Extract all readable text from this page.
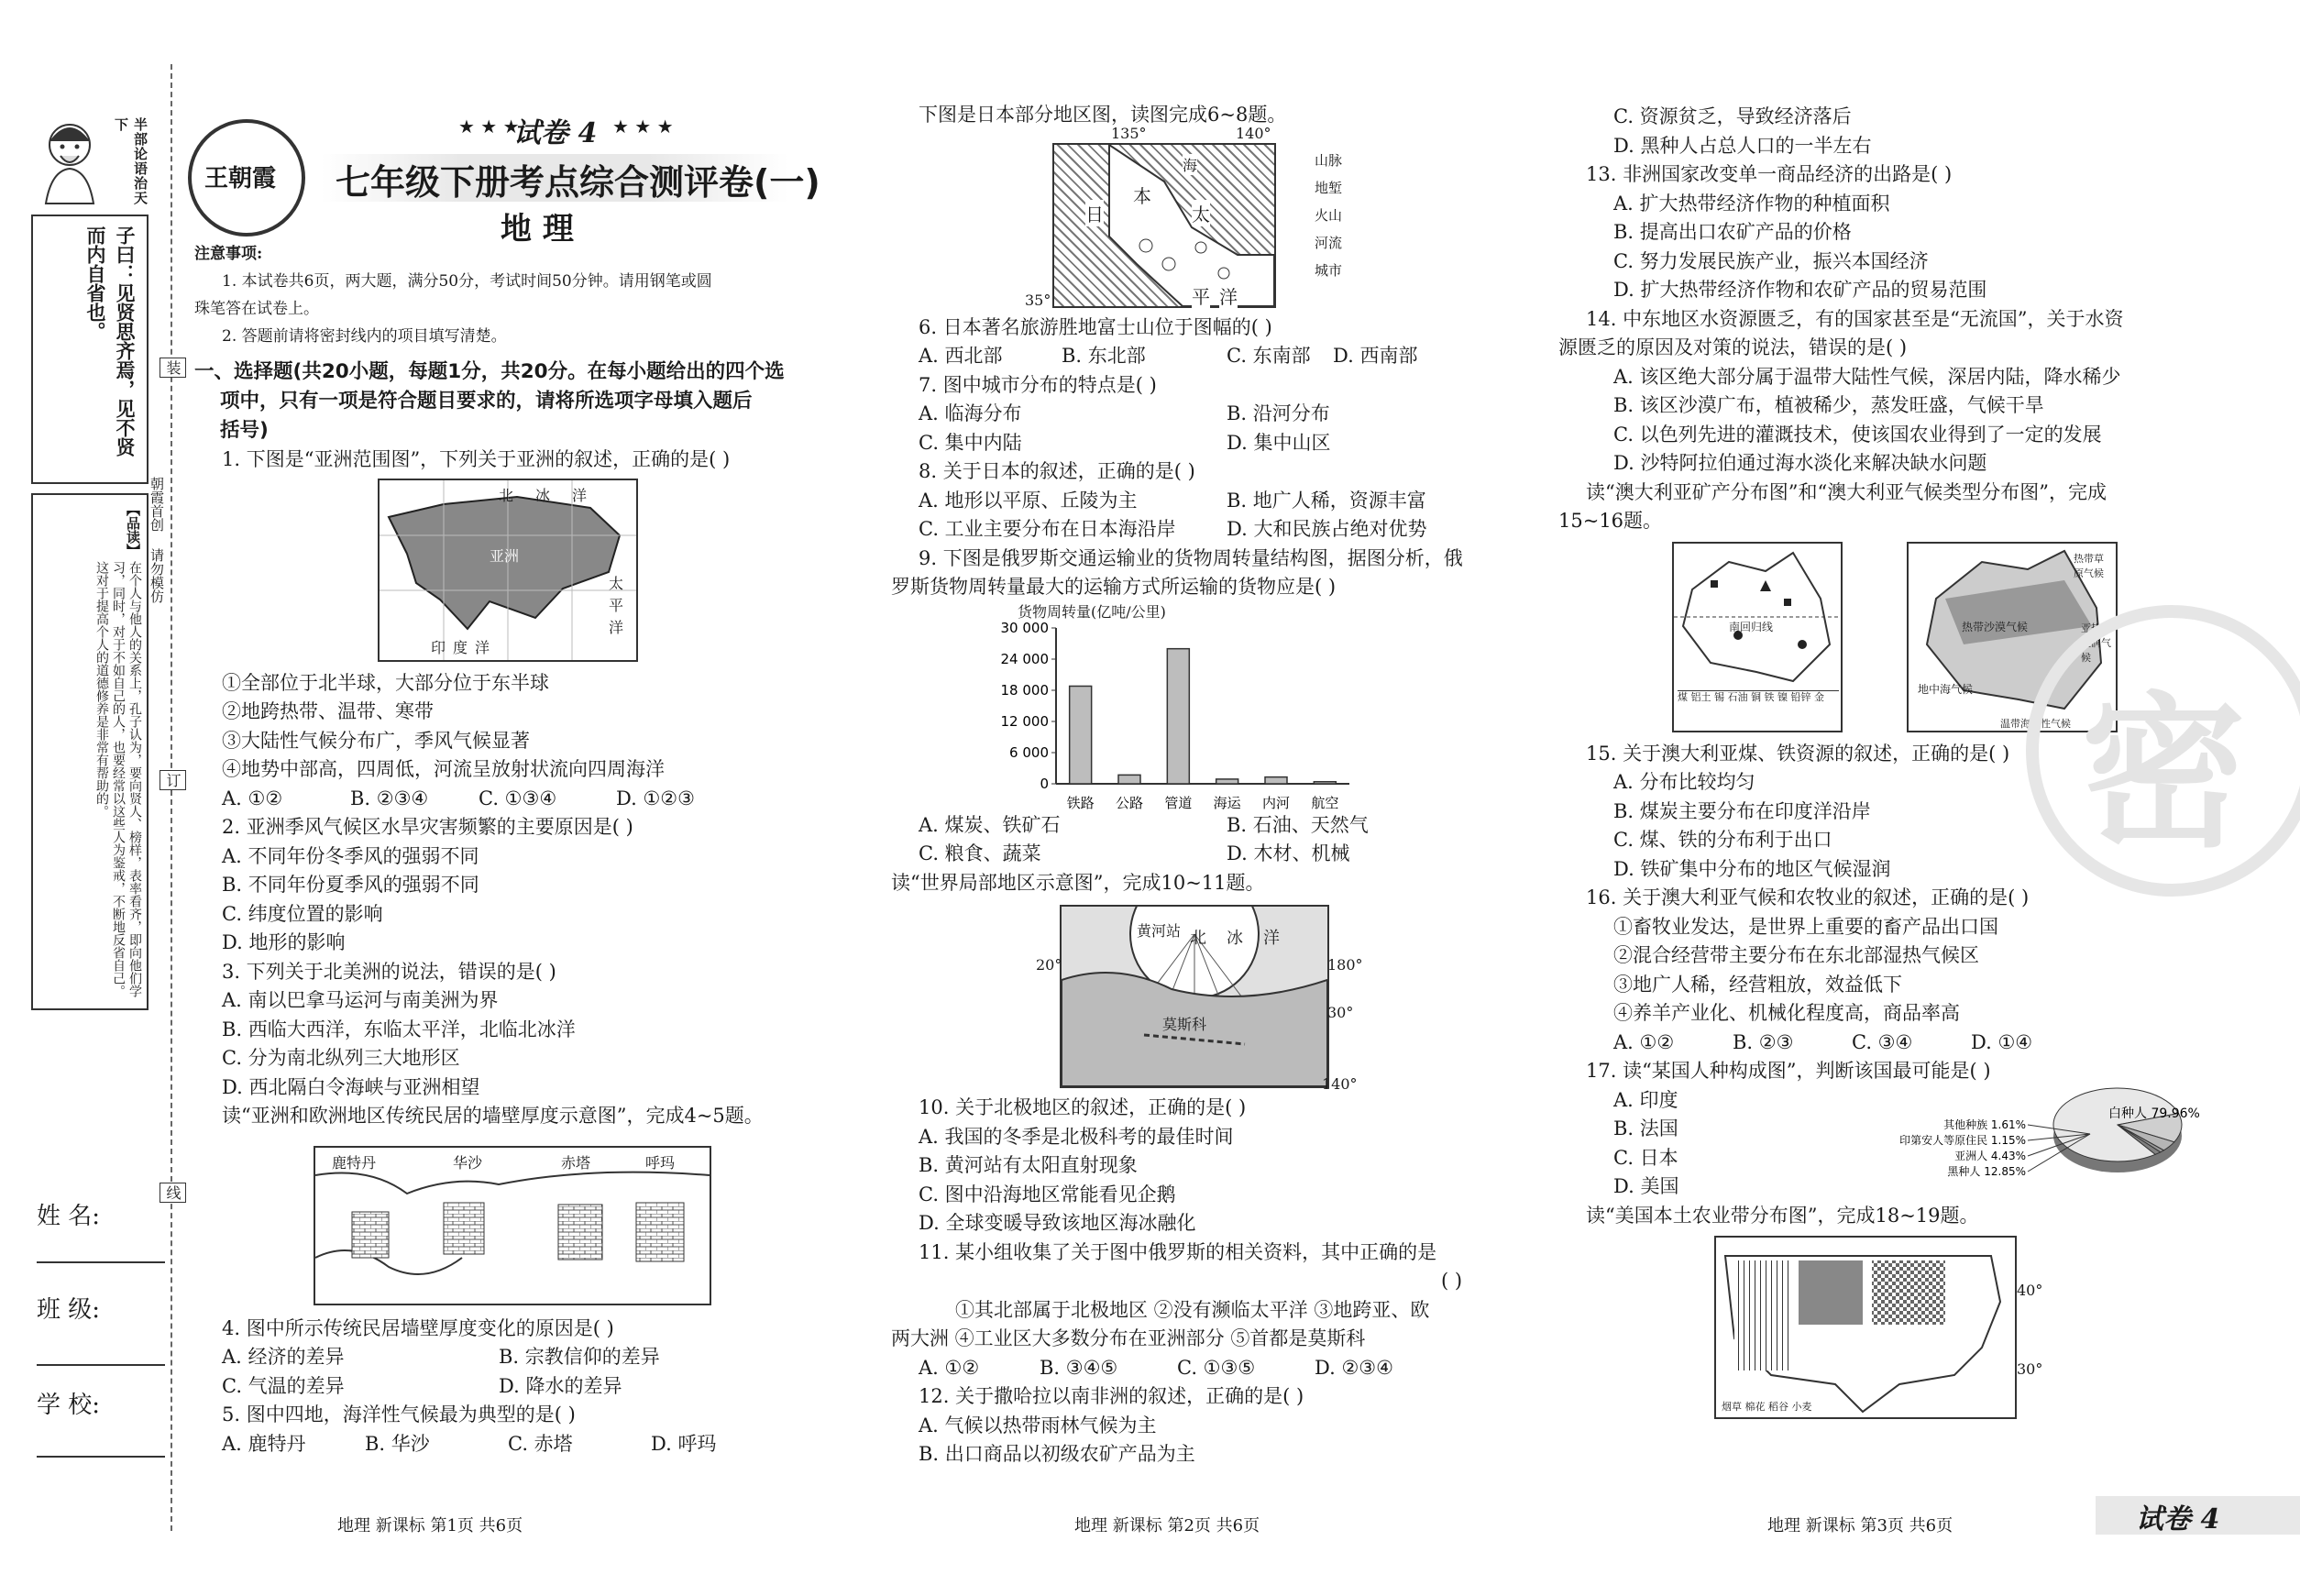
半部论语治天下
子曰：见贤思齐焉，见不贤而内自省也。
【品读】
在个人与他人的关系上，孔子认为，要向贤人、榜样，表率看齐，即向他们学习，同时，对于不如自己的人，也要经常以这些人为鉴戒，不断地反省自己。这对于提高个人的道德修养是非常有帮助的。
姓 名:
班 级:
学 校:
装
订
线
朝霞首创 请勿模仿
王朝霞
试卷 4
★ ★ ★	★ ★ ★
七年级下册考点综合测评卷(一)
地 理
注意事项:
1. 本试卷共6页，两大题，满分50分，考试时间50分钟。请用钢笔或圆
珠笔答在试卷上。
2. 答题前请将密封线内的项目填写清楚。
一、选择题(共20小题，每题1分，共20分。在每小题给出的四个选
项中，只有一项是符合题目要求的，请将所选项字母填入题后
括号)
1. 下图是“亚洲范围图”，下列关于亚洲的叙述，正确的是( )
亚洲
北 冰 洋
太
平
洋
印 度 洋
①全部位于北半球，大部分位于东半球
②地跨热带、温带、寒带
③大陆性气候分布广，季风气候显著
④地势中部高，四周低，河流呈放射状流向四周海洋
A. ①②	B. ②③④	C. ①③④	D. ①②③
2. 亚洲季风气候区水旱灾害频繁的主要原因是( )
A. 不同年份冬季风的强弱不同
B. 不同年份夏季风的强弱不同
C. 纬度位置的影响
D. 地形的影响
3. 下列关于北美洲的说法，错误的是( )
A. 南以巴拿马运河与南美洲为界
B. 西临大西洋，东临太平洋，北临北冰洋
C. 分为南北纵列三大地形区
D. 西北隔白令海峡与亚洲相望
读“亚洲和欧洲地区传统民居的墙壁厚度示意图”，完成4~5题。
鹿特丹	华沙	赤塔	呼玛
4. 图中所示传统民居墙壁厚度变化的原因是( )
A. 经济的差异	B. 宗教信仰的差异
C. 气温的差异	D. 降水的差异
5. 图中四地，海洋性气候最为典型的是( )
A. 鹿特丹	B. 华沙	C. 赤塔	D. 呼玛
下图是日本部分地区图，读图完成6~8题。
海
日
本
太
平 洋
135°	140°
35°
山脉
地堑
火山
河流
城市
6. 日本著名旅游胜地富士山位于图幅的( )
A. 西北部	B. 东北部	C. 东南部 D. 西南部
7. 图中城市分布的特点是( )
A. 临海分布	B. 沿河分布
C. 集中内陆	D. 集中山区
8. 关于日本的叙述，正确的是( )
A. 地形以平原、丘陵为主	B. 地广人稀，资源丰富
C. 工业主要分布在日本海沿岸	D. 大和民族占绝对优势
9. 下图是俄罗斯交通运输业的货物周转量结构图，据图分析，俄
罗斯货物周转量最大的运输方式所运输的货物应是( )
货物周转量(亿吨/公里)
0
6 000
12 000
18 000
24 000
30 000
铁路 公路 管道 海运 内河 航空
A. 煤炭、铁矿石	B. 石油、天然气
C. 粮食、蔬菜	D. 木材、机械
读“世界局部地区示意图”，完成10~11题。
黄河站 北 冰 洋
莫斯科
20°	180°
140°
30°
10. 关于北极地区的叙述，正确的是( )
A. 我国的冬季是北极科考的最佳时间
B. 黄河站有太阳直射现象
C. 图中沿海地区常能看见企鹅
D. 全球变暖导致该地区海冰融化
11. 某小组收集了关于图中俄罗斯的相关资料，其中正确的是
( )
①其北部属于北极地区 ②没有濒临太平洋 ③地跨亚、欧
两大洲 ④工业区大多数分布在亚洲部分 ⑤首都是莫斯科
A. ①②	B. ③④⑤	C. ①③⑤	D. ②③④
12. 关于撒哈拉以南非洲的叙述，正确的是( )
A. 气候以热带雨林气候为主
B. 出口商品以初级农矿产品为主
C. 资源贫乏，导致经济落后
D. 黑种人占总人口的一半左右
13. 非洲国家改变单一商品经济的出路是( )
A. 扩大热带经济作物的种植面积
B. 提高出口农矿产品的价格
C. 努力发展民族产业，振兴本国经济
D. 扩大热带经济作物和农矿产品的贸易范围
14. 中东地区水资源匮乏，有的国家甚至是“无流国”，关于水资
源匮乏的原因及对策的说法，错误的是( )
A. 该区绝大部分属于温带大陆性气候，深居内陆，降水稀少
B. 该区沙漠广布，植被稀少，蒸发旺盛，气候干旱
C. 以色列先进的灌溉技术，使该国农业得到了一定的发展
D. 沙特阿拉伯通过海水淡化来解决缺水问题
读“澳大利亚矿产分布图”和“澳大利亚气候类型分布图”，完成
15~16题。
南回归线
煤 铝土 锡 石油 铜 铁 镍 铅锌 金
热带草原气候
热带沙漠气候	亚热带湿润气候
地中海气候
温带海洋性气候
15. 关于澳大利亚煤、铁资源的叙述，正确的是( )
A. 分布比较均匀
B. 煤炭主要分布在印度洋沿岸
C. 煤、铁的分布利于出口
D. 铁矿集中分布的地区气候湿润
16. 关于澳大利亚气候和农牧业的叙述，正确的是( )
①畜牧业发达，是世界上重要的畜产品出口国
②混合经营带主要分布在东北部湿热气候区
③地广人稀，经营粗放，效益低下
④养羊产业化、机械化程度高，商品率高
A. ①②	B. ②③	C. ③④	D. ①④
17. 读“某国人种构成图”，判断该国最可能是( )
A. 印度
B. 法国
C. 日本
D. 美国
白种人 79.96%
其他种族 1.61%
印第安人等原住民 1.15%
亚洲人 4.43%
黑种人 12.85%
读“美国本土农业带分布图”，完成18~19题。
烟草 棉花 稻谷 小麦
40°
30°
密
地理 新课标 第1页 共6页	地理 新课标 第2页 共6页	地理 新课标 第3页 共6页	试卷 4
